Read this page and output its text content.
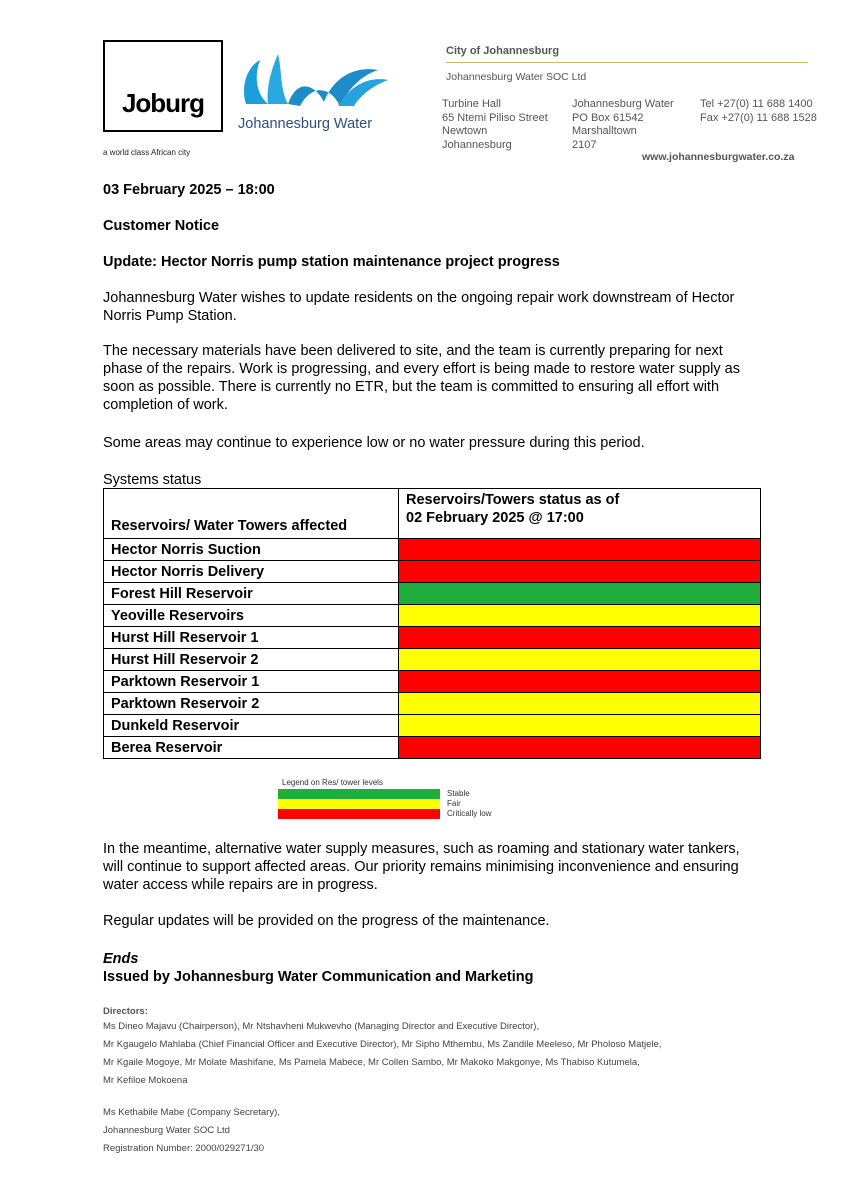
Joburg
a world class African city
Johannesburg Water
City of Johannesburg
Johannesburg Water SOC Ltd
Turbine Hall
65 Ntemi Piliso Street
Newtown
Johannesburg
Johannesburg Water
PO Box 61542
Marshalltown
2107
Tel +27(0) 11 688 1400
Fax +27(0) 11 688 1528
www.johannesburgwater.co.za
03 February 2025 – 18:00
Customer Notice
Update: Hector Norris pump station maintenance project progress
Johannesburg Water wishes to update residents on the ongoing repair work downstream of Hector Norris Pump Station.
The necessary materials have been delivered to site, and the team is currently preparing for next phase of the repairs. Work is progressing, and every effort is being made to restore water supply as soon as possible. There is currently no ETR, but the team is committed to ensuring all effort with completion of work.
Some areas may continue to experience low or no water pressure during this period.
Systems status
Reservoirs/ Water Towers affected	Reservoirs/Towers status as of
02 February 2025 @ 17:00

Hector Norris Suction	
Hector Norris Delivery	
Forest Hill Reservoir	
Yeoville Reservoirs	
Hurst Hill Reservoir 1	
Hurst Hill Reservoir 2	
Parktown Reservoir 1	
Parktown Reservoir 2	
Dunkeld Reservoir	
Berea Reservoir	
Legend on Res/ tower levels
Stable
Fair
Critically low
In the meantime, alternative water supply measures, such as roaming and stationary water tankers, will continue to support affected areas. Our priority remains minimising inconvenience and ensuring water access while repairs are in progress.
Regular updates will be provided on the progress of the maintenance.
Ends
Issued by Johannesburg Water Communication and Marketing
Directors:
Ms Dineo Majavu (Chairperson), Mr Ntshavheni Mukwevho (Managing Director and Executive Director),
Mr Kgaugelo Mahlaba (Chief Financial Officer and Executive Director), Mr Sipho Mthembu, Ms Zandile Meeleso, Mr Pholoso Matjele,
Mr Kgaile Mogoye, Mr Molate Mashifane, Ms Pamela Mabece, Mr Collen Sambo, Mr Makoko Makgonye, Ms Thabiso Kutumela,
Mr Kefiloe Mokoena
Ms Kethabile Mabe (Company Secretary),
Johannesburg Water SOC Ltd
Registration Number: 2000/029271/30
